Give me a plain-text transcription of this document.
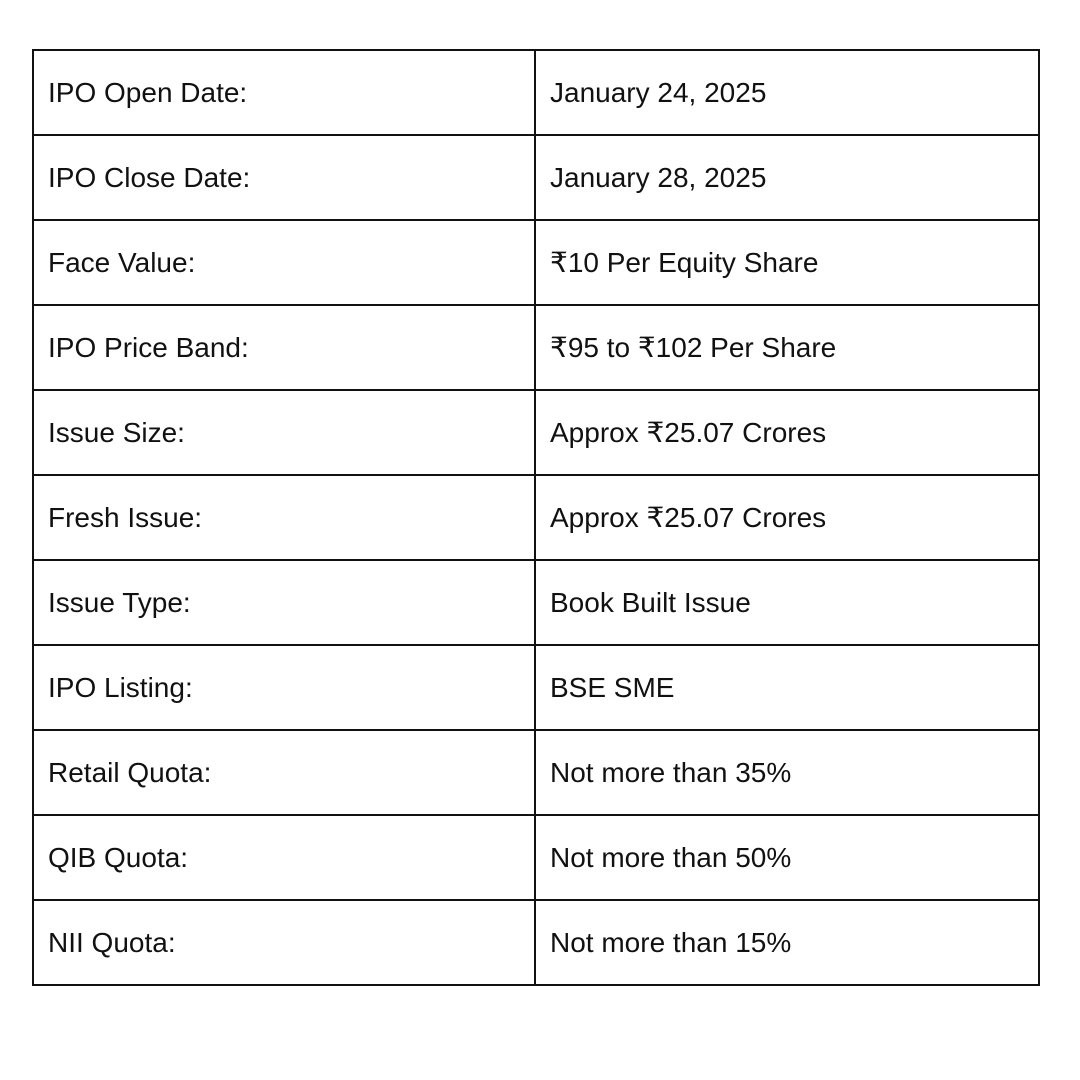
IPO Open Date:	January 24, 2025
IPO Close Date:	January 28, 2025
Face Value:	₹10 Per Equity Share
IPO Price Band:	₹95 to ₹102 Per Share
Issue Size:	Approx ₹25.07 Crores
Fresh Issue:	Approx ₹25.07 Crores
Issue Type:	Book Built Issue
IPO Listing:	BSE SME
Retail Quota:	Not more than 35%
QIB Quota:	Not more than 50%
NII Quota:	Not more than 15%
